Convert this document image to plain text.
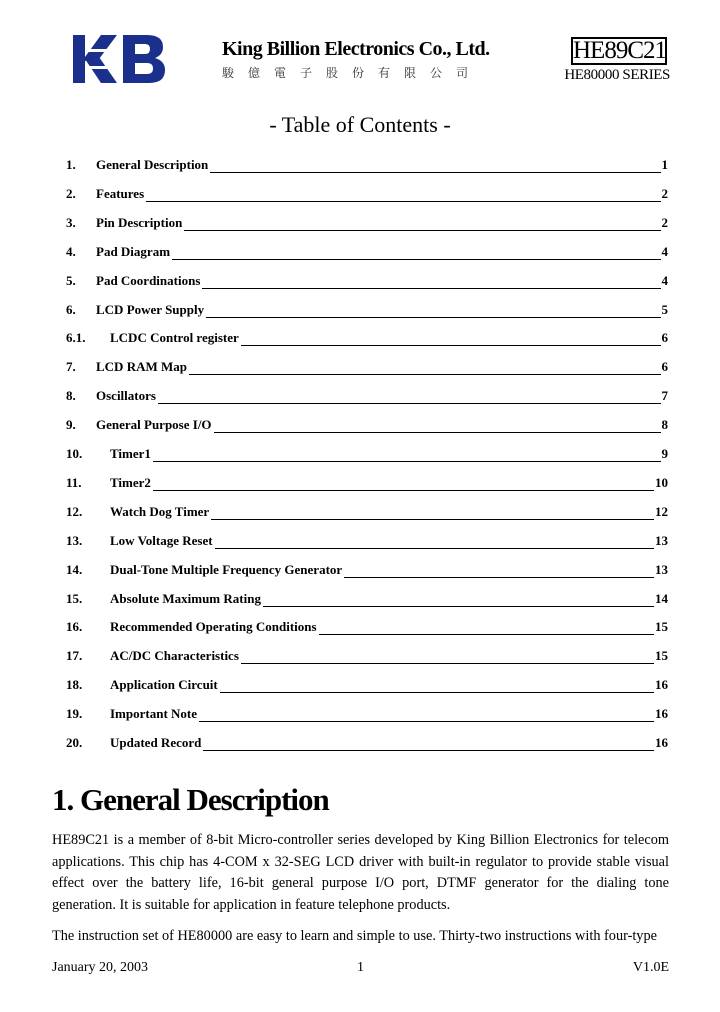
King Billion Electronics Co., Ltd.
駿億電子股份有限公司
HE89C21
HE80000 SERIES
- Table of Contents -
1. General Description	1
2. Features	2
3. Pin Description	2
4. Pad Diagram	4
5. Pad Coordinations	4
6. LCD Power Supply	5
6.1. LCDC Control register	6
7. LCD RAM Map	6
8. Oscillators	7
9. General Purpose I/O	8
10. Timer1	9
11. Timer2	10
12. Watch Dog Timer	12
13. Low Voltage Reset	13
14. Dual-Tone Multiple Frequency Generator	13
15. Absolute Maximum Rating	14
16. Recommended Operating Conditions	15
17. AC/DC Characteristics	15
18. Application Circuit	16
19. Important Note	16
20. Updated Record	16
1. General Description
HE89C21 is a member of 8-bit Micro-controller series developed by King Billion Electronics for telecom applications. This chip has 4-COM x 32-SEG LCD driver with built-in regulator to provide stable visual effect over the battery life, 16-bit general purpose I/O port, DTMF generator for the dialing tone generation. It is suitable for application in feature telephone products.
The instruction set of HE80000 are easy to learn and simple to use. Thirty-two instructions with four-type
January 20, 2003	1	V1.0E
